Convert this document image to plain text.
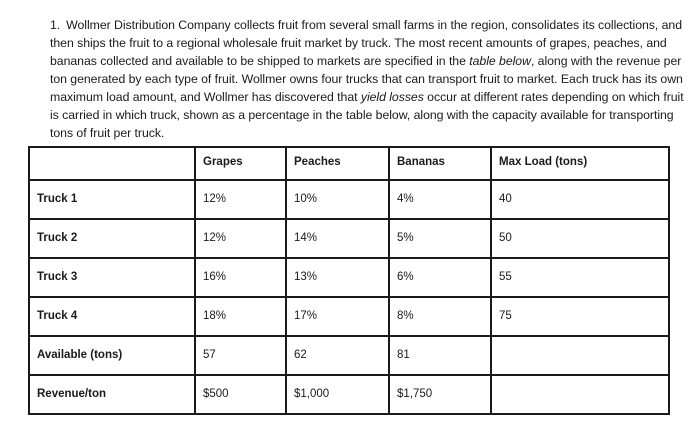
1. Wollmer Distribution Company collects fruit from several small farms in the region, consolidates its collections, and then ships the fruit to a regional wholesale fruit market by truck. The most recent amounts of grapes, peaches, and bananas collected and available to be shipped to markets are specified in the table below, along with the revenue per ton generated by each type of fruit. Wollmer owns four trucks that can transport fruit to market. Each truck has its own maximum load amount, and Wollmer has discovered that yield losses occur at different rates depending on which fruit is carried in which truck, shown as a percentage in the table below, along with the capacity available for transporting tons of fruit per truck.
	Grapes	Peaches	Bananas	Max Load (tons)
Truck 1	12%	10%	4%	40
Truck 2	12%	14%	5%	50
Truck 3	16%	13%	6%	55
Truck 4	18%	17%	8%	75
Available (tons)	57	62	81	
Revenue/ton	$500	$1,000	$1,750	
